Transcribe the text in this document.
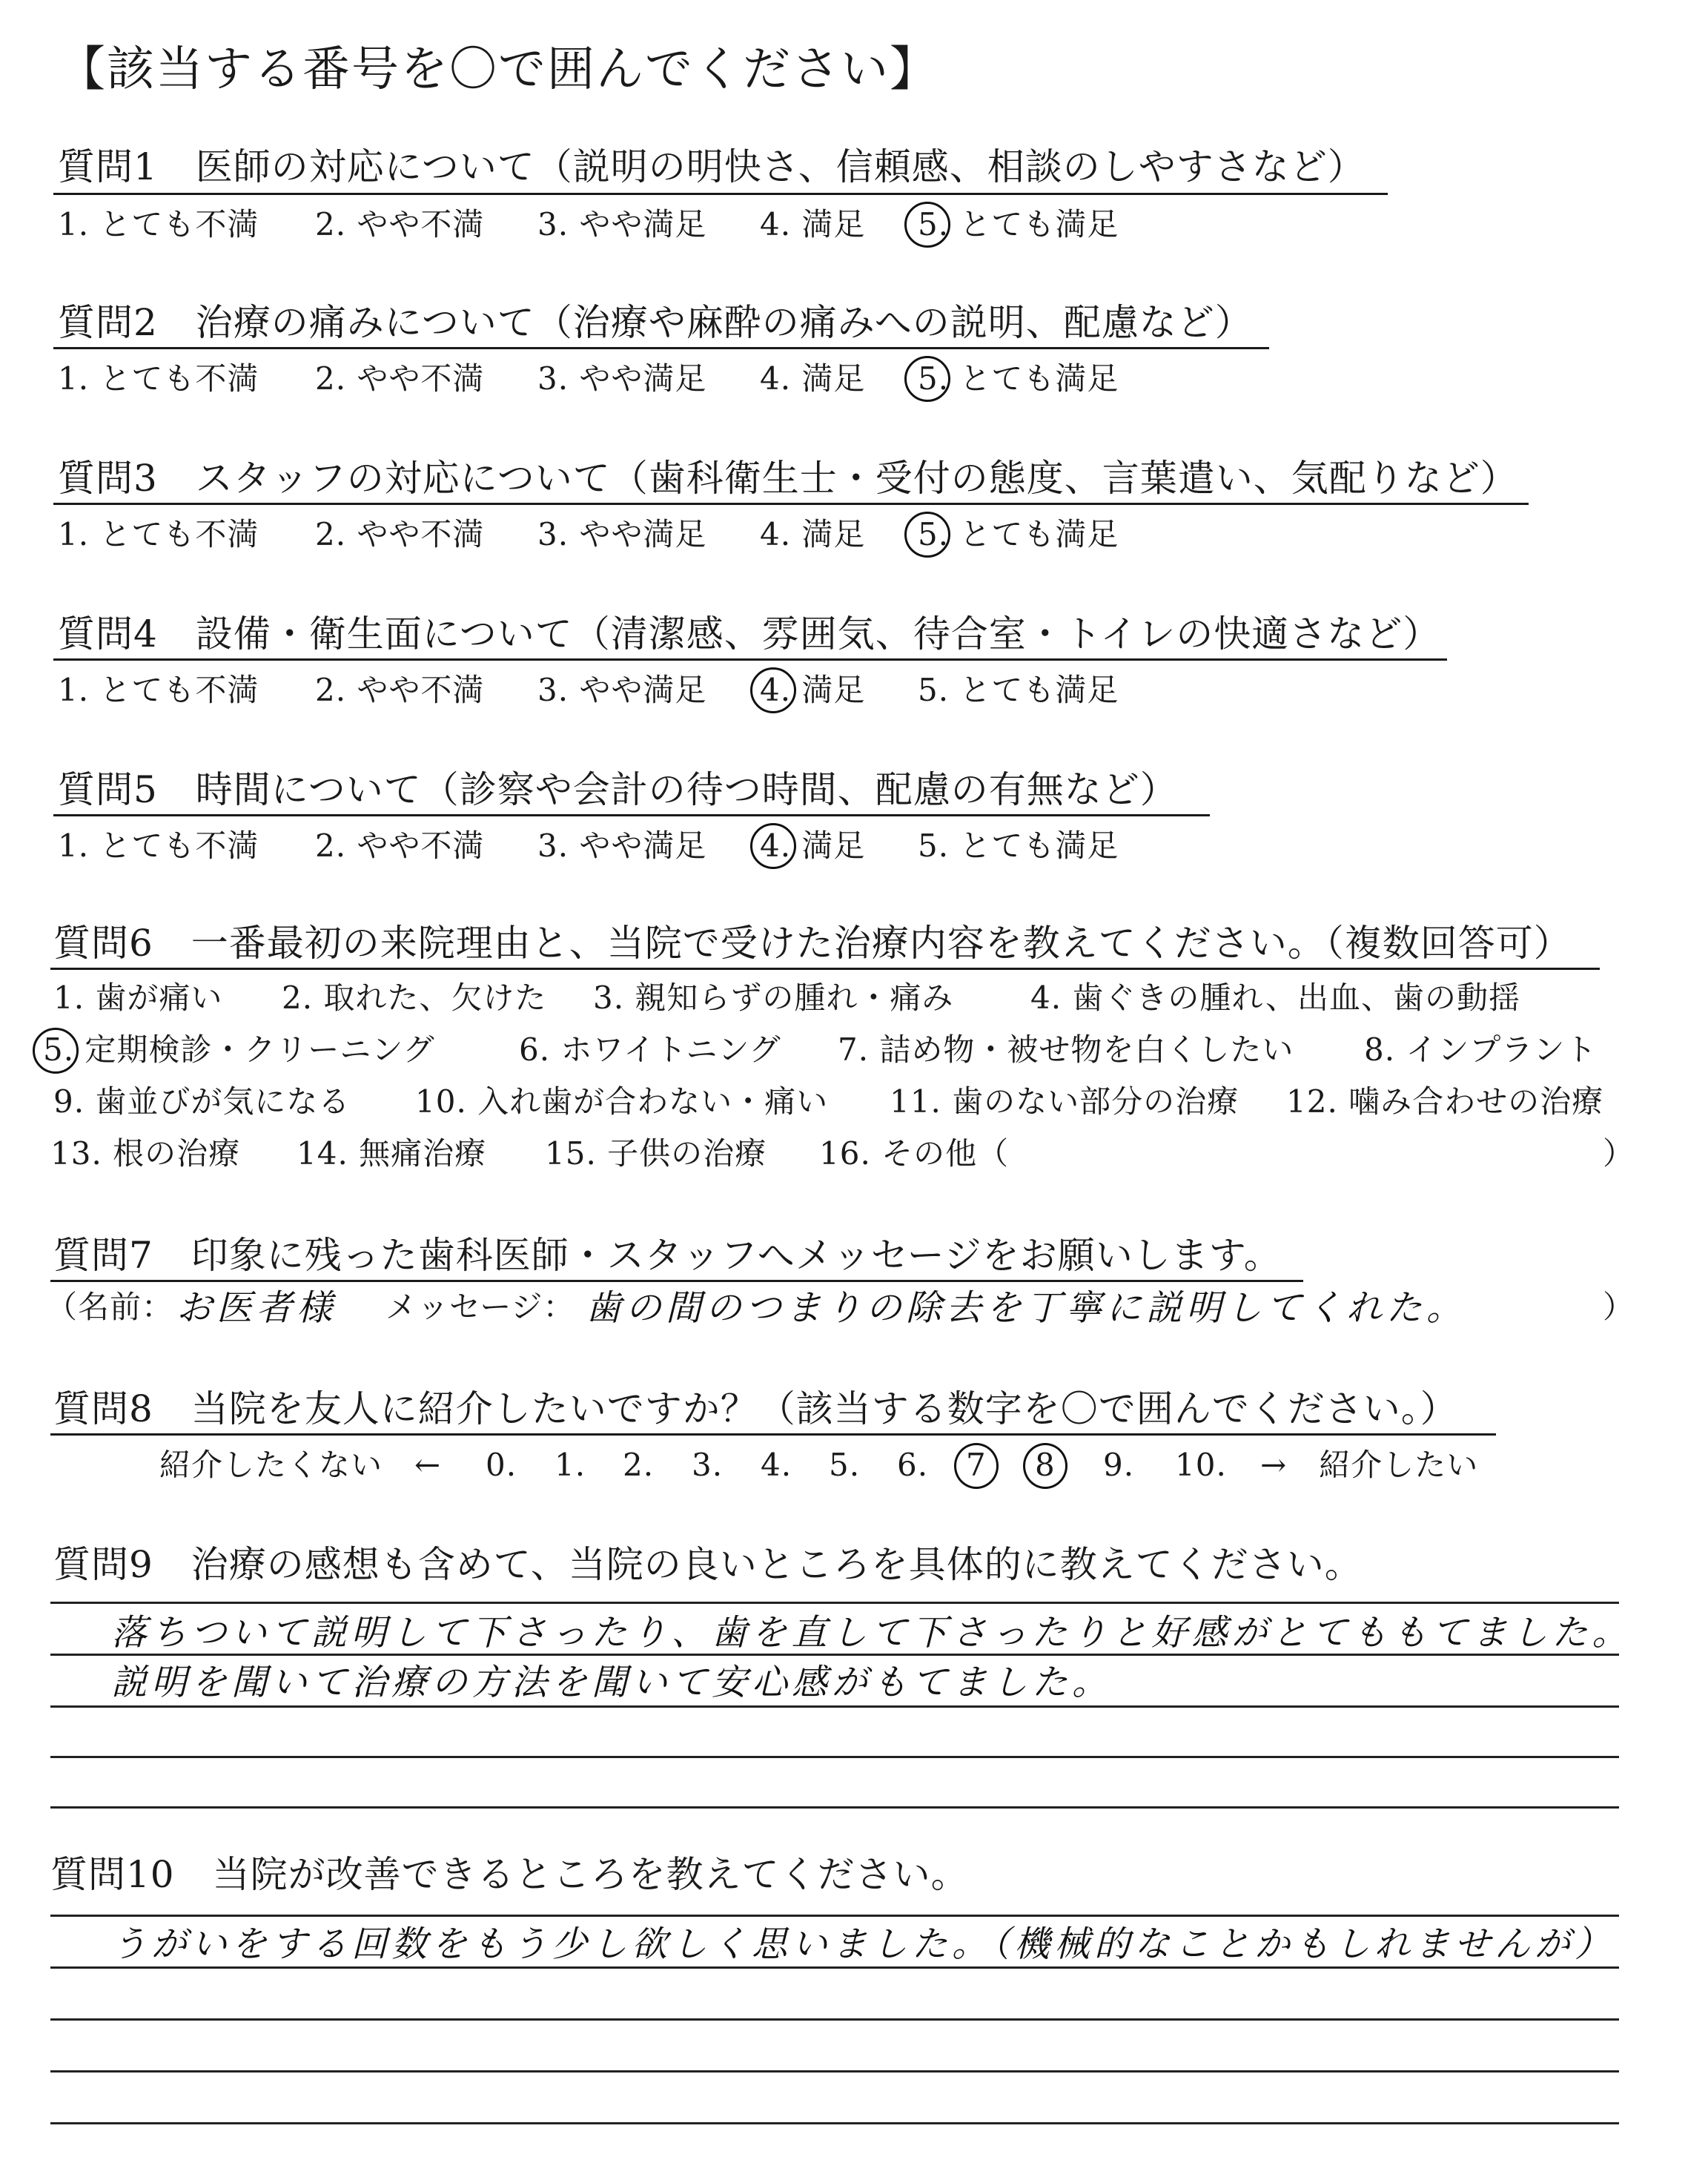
【該当する番号を〇で囲んでください】
質問1　医師の対応について（説明の明快さ、信頼感、相談のしやすさなど）
1. とても不満 2. やや不満 3. やや満足 4. 満足 5. とても満足
質問2　治療の痛みについて（治療や麻酔の痛みへの説明、配慮など）
1. とても不満 2. やや不満 3. やや満足 4. 満足 5. とても満足
質問3　スタッフの対応について（歯科衛生士・受付の態度、言葉遣い、気配りなど）
1. とても不満 2. やや不満 3. やや満足 4. 満足 5. とても満足
質問4　設備・衛生面について（清潔感、雰囲気、待合室・トイレの快適さなど）
1. とても不満 2. やや不満 3. やや満足 4. 満足 5. とても満足
質問5　時間について（診察や会計の待つ時間、配慮の有無など）
1. とても不満 2. やや不満 3. やや満足 4. 満足 5. とても満足
質問6　一番最初の来院理由と、当院で受けた治療内容を教えてください。（複数回答可）
1. 歯が痛い 2. 取れた、欠けた 3. 親知らずの腫れ・痛み 4. 歯ぐきの腫れ、出血、歯の動揺
5. 定期検診・クリーニング	6. ホワイトニング 7. 詰め物・被せ物を白くしたい 8. インプラント
9. 歯並びが気になる 10. 入れ歯が合わない・痛い 11. 歯のない部分の治療 12. 噛み合わせの治療
13. 根の治療 14. 無痛治療 15. 子供の治療 16. その他（	）
質問7　印象に残った歯科医師・スタッフへメッセージをお願いします。
（名前： お医者様 メッセージ： 歯の間のつまりの除去を丁寧に説明してくれた。	）
質問8　当院を友人に紹介したいですか？（該当する数字を〇で囲んでください。）
紹介したくない　← 0. 1. 2. 3. 4. 5. 6. 7 8 9. 10. →　紹介したい
質問9　治療の感想も含めて、当院の良いところを具体的に教えてください。
落ちついて説明して下さったり、歯を直して下さったりと好感がとてももてました。
説明を聞いて治療の方法を聞いて安心感がもてました。
質問10　当院が改善できるところを教えてください。
うがいをする回数をもう少し欲しく思いました。（機械的なことかもしれませんが）
